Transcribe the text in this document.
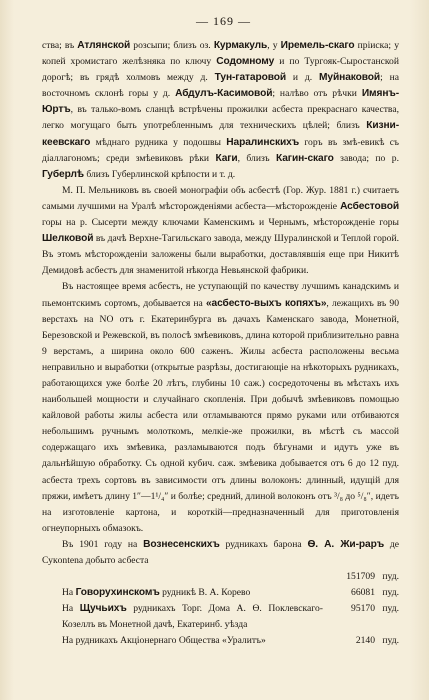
— 169 —

ства; въ Атлянской розсыпи; близъ оз. Курмакуль, у Иремель-скаго прiиска; у копей хромистаго желѣзняка по ключу Содомному и по Тургояк-Сыростанской дорогѣ; въ грядѣ холмовъ между д. Тун-гатаровой и д. Муйнаковой; на восточномъ склонѣ горы у д. Абдулъ-Касимовой; налѣво отъ рѣчки Имянъ-Юртъ, въ талько-вомъ сланцѣ встрѣчены прожилки асбеста прекраснаго качества, легко могущаго быть употребленнымъ для техническихъ цѣлей; близъ Кизни-кеевскаго мѣднаго рудника у подошвы Наралинскихъ горъ въ змѣ-евикѣ съ дiаллагономъ; среди змѣевиковъ рѣки Каги, близъ Кагин-скаго завода; по р. Губерлѣ близъ Губерлинской крѣпости и т. д.

М. П. Мельниковъ въ своей монографiи объ асбестѣ (Гор. Жур. 1881 г.) считаетъ самыми лучшими на Уралѣ мѣсторожденiями асбеста—мѣсторожденiе Асбестовой горы на р. Сысерти между ключами Каменскимъ и Чернымъ, мѣсторожденiе горы Шелковой въ дачѣ Верхне-Тагильскаго завода, между Шуралинской и Теплой горой. Въ этомъ мѣсторожденiи заложены были выработки, доставлявшiя еще при Никитѣ Демидовѣ асбестъ для знаменитой нѣкогда Невьянской фабрики.

Въ настоящее время асбестъ, не уступающiй по качеству лучшимъ канадскимъ и пьемонтскимъ сортомъ, добывается на «асбесто-выхъ копяхъ», лежащихъ въ 90 верстахъ на NO отъ г. Екатеринбурга въ дачахъ Каменскаго завода, Монетной, Березовской и Режевской, въ полосѣ змѣевиковъ, длина которой приблизительно равна 9 верстамъ, а ширина около 600 саженъ. Жилы асбеста расположены весьма неправильно и выработки (открытые разрѣзы, достигающiе на нѣкоторыхъ рудникахъ, работающихся уже болѣе 20 лѣтъ, глубины 10 саж.) сосредоточены въ мѣстахъ ихъ наибольшей мощности и случайнаго скопленiя. При добычѣ змѣевиковъ помощью кайловой работы жилы асбеста или отламываются прямо руками или отбиваются небольшимъ ручнымъ молоткомъ, мелкiе-же прожилки, въ мѣстѣ съ массой содержащаго ихъ змѣевика, разламываются подъ бѣгунами и идутъ уже въ дальнѣйшую обработку. Съ одной кубич. саж. змѣевика добывается отъ 6 до 12 пуд. асбеста трехъ сортовъ въ зависимости отъ длины волоконъ: длинный, идущiй для пряжи, имѣетъ длину 1″—1¹/₄″ и болѣе; средний, длиной волоконъ отъ ³/₈ до ⁵/₈″, идетъ на изготовленiе картона, и короткiй—предназначенный для приготовленiя огнеупорныхъ обмазокъ.

Въ 1901 году на Вознесенскихъ рудникахъ барона Ѳ. А. Жи-раръ де Сукontena добыто асбеста

151709 пуд.
На Говорухинскомъ рудникѣ В. А. Корево	66081 пуд.
На Щучьихъ рудникахъ Торг. Дома А. Ѳ. Поклевскаго-Козеллъ въ Монетной дачѣ, Екатеринб. уѣзда
95170 пуд.
На рудникахъ Акцiонернаго Общества «Уралитъ»	2140 пуд.
